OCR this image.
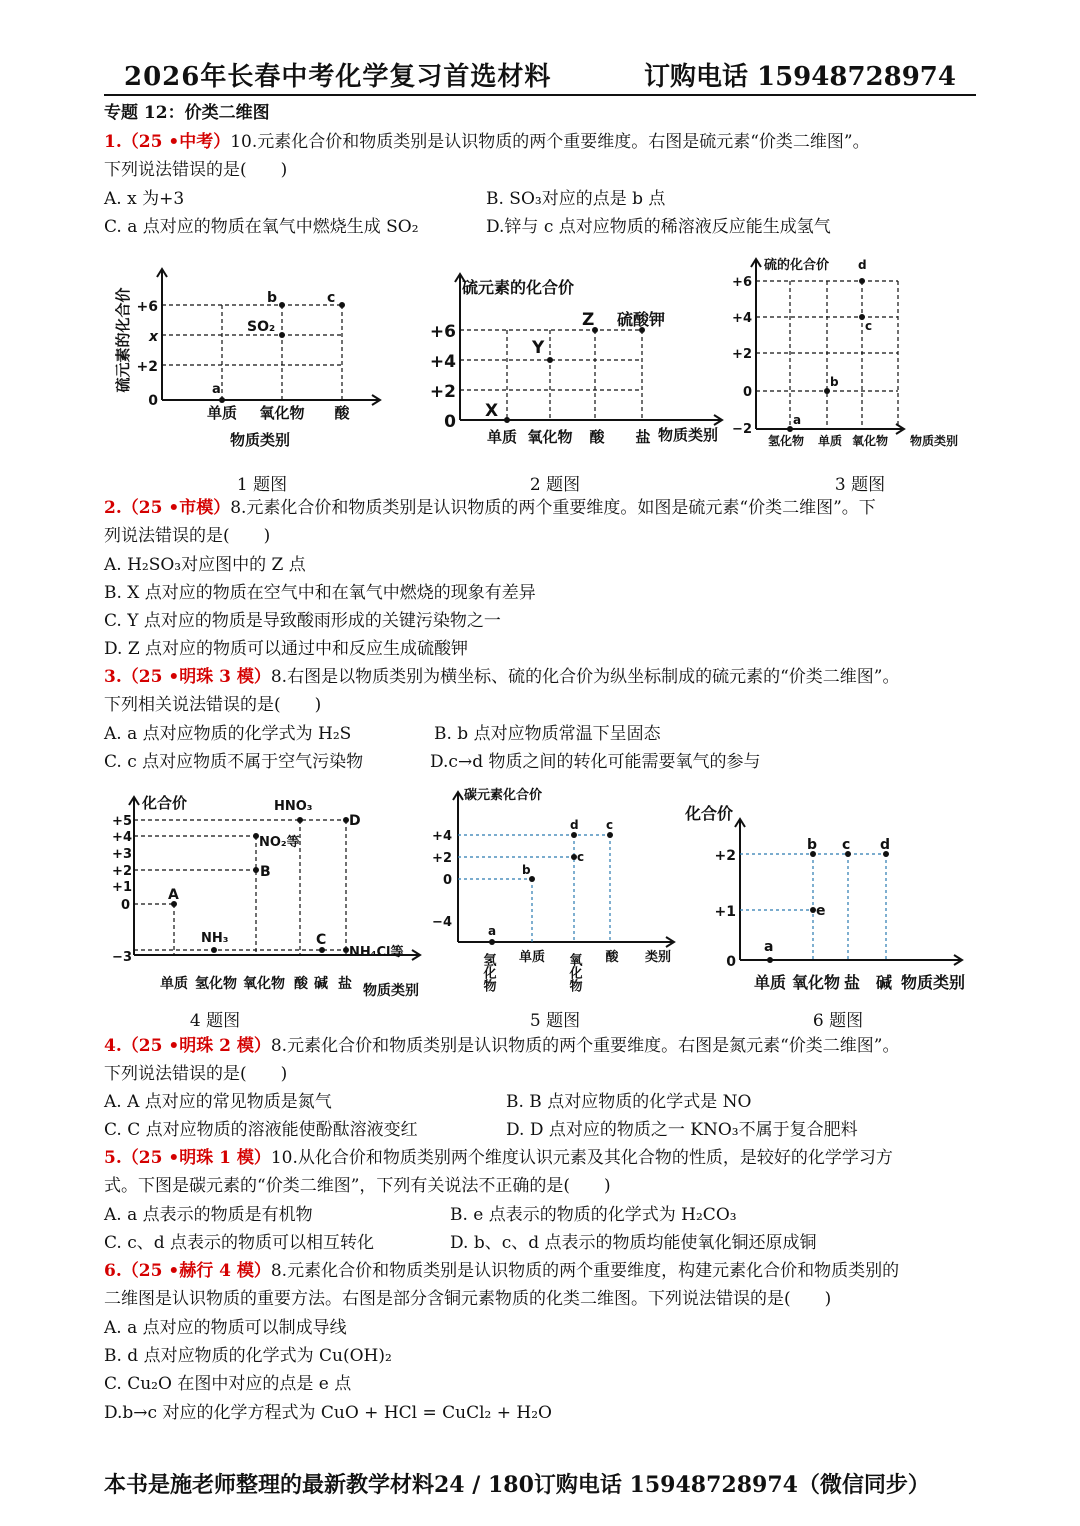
2026年长春中考化学复习首选材料	订购电话 15948728974
专题 12：价类二维图
1.（25 •中考）10.元素化合价和物质类别是认识物质的两个重要维度。右图是硫元素“价类二维图”。
下列说法错误的是(　　)
A. x 为+3	B. SO₃对应的点是 b 点
C. a 点对应的物质在氧气中燃烧生成 SO₂	D.锌与 c 点对应物质的稀溶液反应能生成氢气
硫元素的化合价 +6
x
+2
0
单质 氧化物 酸
物质类别
a
b	c
SO₂
硫元素的化合价
+6
+4
+2
0
单质 氧化物 酸 盐 物质类别
X
Y
Z 硫酸钾
硫的化合价
+6
+4
+2
0
−2
氢化物 单质 氧化物 物质类别
a
b
c
d
1 题图	2 题图	3 题图
2.（25 •市模）8.元素化合价和物质类别是认识物质的两个重要维度。如图是硫元素“价类二维图”。下
列说法错误的是(　　)
A. H₂SO₃对应图中的 Z 点
B. X 点对应的物质在空气中和在氧气中燃烧的现象有差异
C. Y 点对应的物质是导致酸雨形成的关键污染物之一
D. Z 点对应的物质可以通过中和反应生成硫酸钾
3.（25 •明珠 3 模）8.右图是以物质类别为横坐标、硫的化合价为纵坐标制成的硫元素的“价类二维图”。
下列相关说法错误的是(　　)
A. a 点对应物质的化学式为 H₂S	B. b 点对应物质常温下呈固态
C. c 点对应物质不属于空气污染物	D.c→d 物质之间的转化可能需要氧气的参与
化合价
+5
+4
+3
+2
+1
0
−3
单质 氢化物 氧化物 酸 碱 盐 物质类别
A
NH₃
NO₂等
B
HNO₃
D
C
NH₄Cl等
碳元素化合价
+4
+2
0
−4
氢化物 单质 氧化物 酸 类别
a
b
c
d
c
化合价
+2
+1
0
单质 氧化物 盐 碱 物质类别
a
b c d
e
4 题图	5 题图	6 题图
4.（25 •明珠 2 模）8.元素化合价和物质类别是认识物质的两个重要维度。右图是氮元素“价类二维图”。
下列说法错误的是(　　)
A. A 点对应的常见物质是氮气	B. B 点对应物质的化学式是 NO
C. C 点对应物质的溶液能使酚酞溶液变红	D. D 点对应的物质之一 KNO₃不属于复合肥料
5.（25 •明珠 1 模）10.从化合价和物质类别两个维度认识元素及其化合物的性质，是较好的化学学习方
式。下图是碳元素的“价类二维图”，下列有关说法不正确的是(　　)
A. a 点表示的物质是有机物	B. e 点表示的物质的化学式为 H₂CO₃
C. c、d 点表示的物质可以相互转化	D. b、c、d 点表示的物质均能使氧化铜还原成铜
6.（25 •赫行 4 模）8.元素化合价和物质类别是认识物质的两个重要维度，构建元素化合价和物质类别的
二维图是认识物质的重要方法。右图是部分含铜元素物质的化类二维图。下列说法错误的是(　　)
A. a 点对应的物质可以制成导线
B. d 点对应物质的化学式为 Cu(OH)₂
C. Cu₂O 在图中对应的点是 e 点
D.b→c 对应的化学方程式为 CuO + HCl = CuCl₂ + H₂O
本书是施老师整理的最新教学材料24 / 180订购电话 15948728974（微信同步）
